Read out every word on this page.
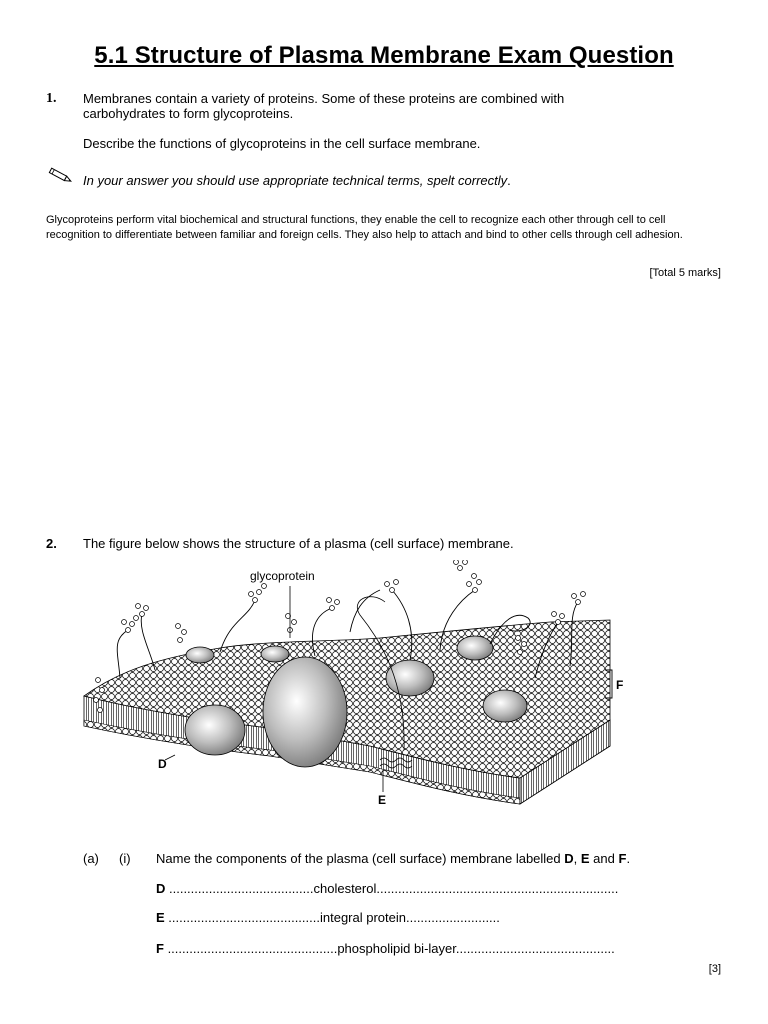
5.1 Structure of Plasma Membrane Exam Question
1. Membranes contain a variety of proteins. Some of these proteins are combined with carbohydrates to form glycoproteins.
Describe the functions of glycoproteins in the cell surface membrane.
In your answer you should use appropriate technical terms, spelt correctly.
Glycoproteins perform vital biochemical and structural functions, they enable the cell to recognize each other through cell to cell
recognition to differentiate between familiar and foreign cells. They also help to attach and bind to other cells through cell adhesion.
[Total 5 marks]
2. The figure below shows the structure of a plasma (cell surface) membrane.
glycoprotein
D
E
F
(a) (i) Name the components of the plasma (cell surface) membrane labelled D, E and F.
D ........................................cholesterol...................................................................
E ..........................................integral protein..........................
F ...............................................phospholipid bi-layer............................................
[3]
